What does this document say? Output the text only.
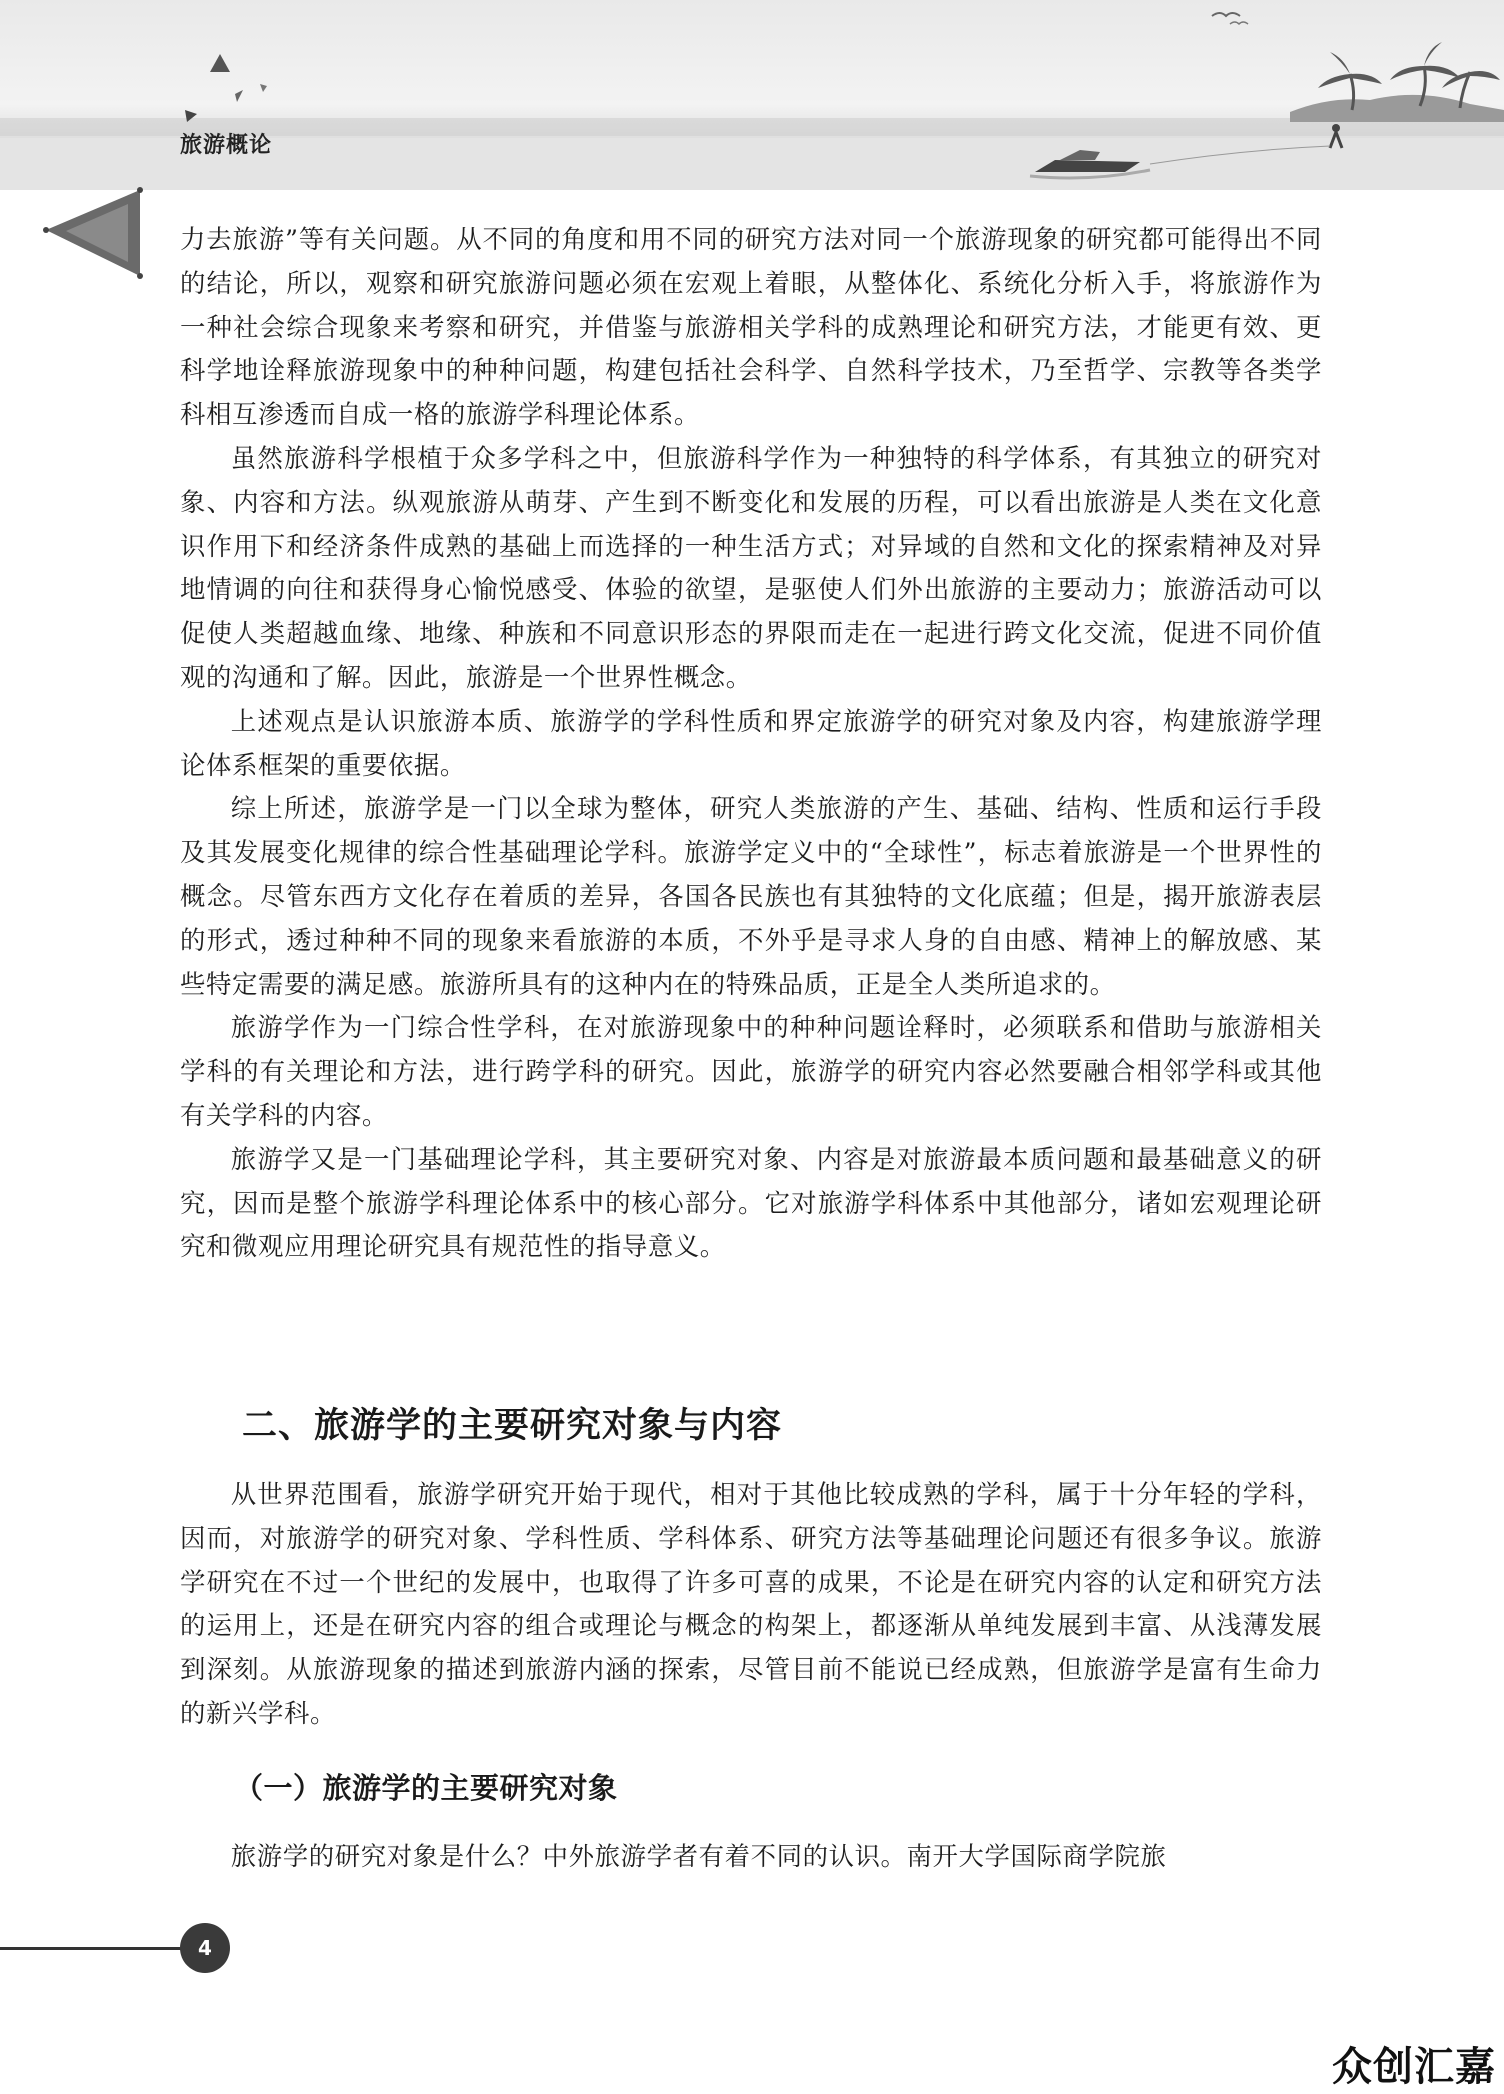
旅游概论

力去旅游”等有关问题。从不同的角度和用不同的研究方法对同一个旅游现象的研究都可能得出不同的结论，所以，观察和研究旅游问题必须在宏观上着眼，从整体化、系统化分析入手，将旅游作为一种社会综合现象来考察和研究，并借鉴与旅游相关学科的成熟理论和研究方法，才能更有效、更科学地诠释旅游现象中的种种问题，构建包括社会科学、自然科学技术，乃至哲学、宗教等各类学科相互渗透而自成一格的旅游学科理论体系。

虽然旅游科学根植于众多学科之中，但旅游科学作为一种独特的科学体系，有其独立的研究对象、内容和方法。纵观旅游从萌芽、产生到不断变化和发展的历程，可以看出旅游是人类在文化意识作用下和经济条件成熟的基础上而选择的一种生活方式；对异域的自然和文化的探索精神及对异地情调的向往和获得身心愉悦感受、体验的欲望，是驱使人们外出旅游的主要动力；旅游活动可以促使人类超越血缘、地缘、种族和不同意识形态的界限而走在一起进行跨文化交流，促进不同价值观的沟通和了解。因此，旅游是一个世界性概念。

上述观点是认识旅游本质、旅游学的学科性质和界定旅游学的研究对象及内容，构建旅游学理论体系框架的重要依据。

综上所述，旅游学是一门以全球为整体，研究人类旅游的产生、基础、结构、性质和运行手段及其发展变化规律的综合性基础理论学科。旅游学定义中的“全球性”，标志着旅游是一个世界性的概念。尽管东西方文化存在着质的差异，各国各民族也有其独特的文化底蕴；但是，揭开旅游表层的形式，透过种种不同的现象来看旅游的本质，不外乎是寻求人身的自由感、精神上的解放感、某些特定需要的满足感。旅游所具有的这种内在的特殊品质，正是全人类所追求的。

旅游学作为一门综合性学科，在对旅游现象中的种种问题诠释时，必须联系和借助与旅游相关学科的有关理论和方法，进行跨学科的研究。因此，旅游学的研究内容必然要融合相邻学科或其他有关学科的内容。

旅游学又是一门基础理论学科，其主要研究对象、内容是对旅游最本质问题和最基础意义的研究，因而是整个旅游学科理论体系中的核心部分。它对旅游学科体系中其他部分，诸如宏观理论研究和微观应用理论研究具有规范性的指导意义。

二、旅游学的主要研究对象与内容

从世界范围看，旅游学研究开始于现代，相对于其他比较成熟的学科，属于十分年轻的学科，因而，对旅游学的研究对象、学科性质、学科体系、研究方法等基础理论问题还有很多争议。旅游学研究在不过一个世纪的发展中，也取得了许多可喜的成果，不论是在研究内容的认定和研究方法的运用上，还是在研究内容的组合或理论与概念的构架上，都逐渐从单纯发展到丰富、从浅薄发展到深刻。从旅游现象的描述到旅游内涵的探索，尽管目前不能说已经成熟，但旅游学是富有生命力的新兴学科。

（一）旅游学的主要研究对象

旅游学的研究对象是什么？中外旅游学者有着不同的认识。南开大学国际商学院旅

4
众创汇嘉
